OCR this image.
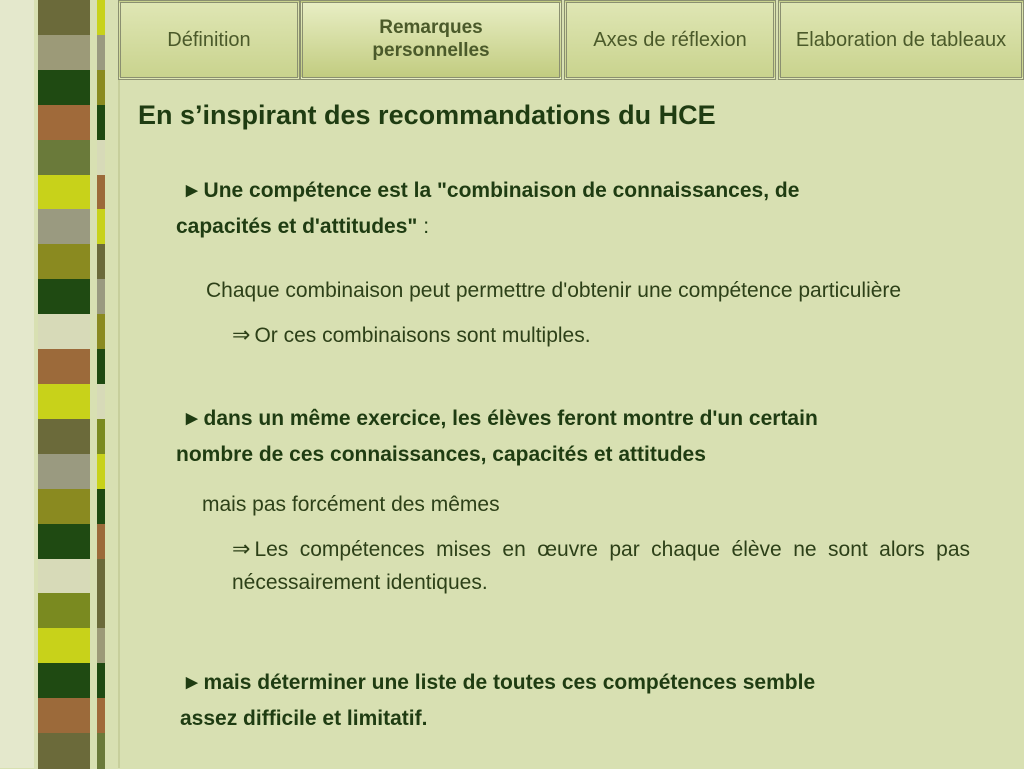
Définition
Remarques
personnelles	Axes de réflexion Elaboration de tableaux
En s’inspirant des recommandations du HCE
▶ Une compétence est la "combinaison de connaissances, de
capacités et d'attitudes" :
Chaque combinaison peut permettre d'obtenir une compétence particulière
⇒ Or ces combinaisons sont multiples.
▶ dans un même exercice, les élèves feront montre d'un certain
nombre de ces connaissances, capacités et attitudes
mais pas forcément des mêmes
⇒ Les compétences mises en œuvre par chaque élève ne sont alors pas nécessairement identiques.
▶ mais déterminer une liste de toutes ces compétences semble
assez difficile et limitatif.
